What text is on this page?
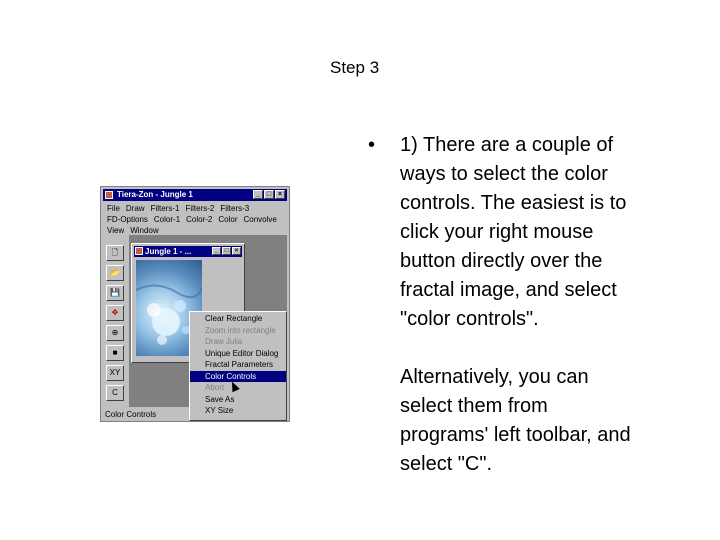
Step 3
•	1) There are a couple of
ways to select the color
controls. The easiest is to
click your right mouse
button directly over the
fractal image, and select
"color controls".
Alternatively, you can
select them from
programs' left toolbar, and
select "C".
Tiera-Zon - Jungle 1	_ □ ×
File Draw Filters-1 Filters-2 Filters-3
FD-Options Color-1 Color-2 Color Convolve
View Window
🗋
📂
💾
✥
⊕
■
XY
C
Jungle 1 - ...	_	□	×
Color Controls
Clear Rectangle
Zoom into rectangle
Draw Julia
Unique Editor Dialog
Fractal Parameters
Color Controls
Abort
Save As
XY Size
